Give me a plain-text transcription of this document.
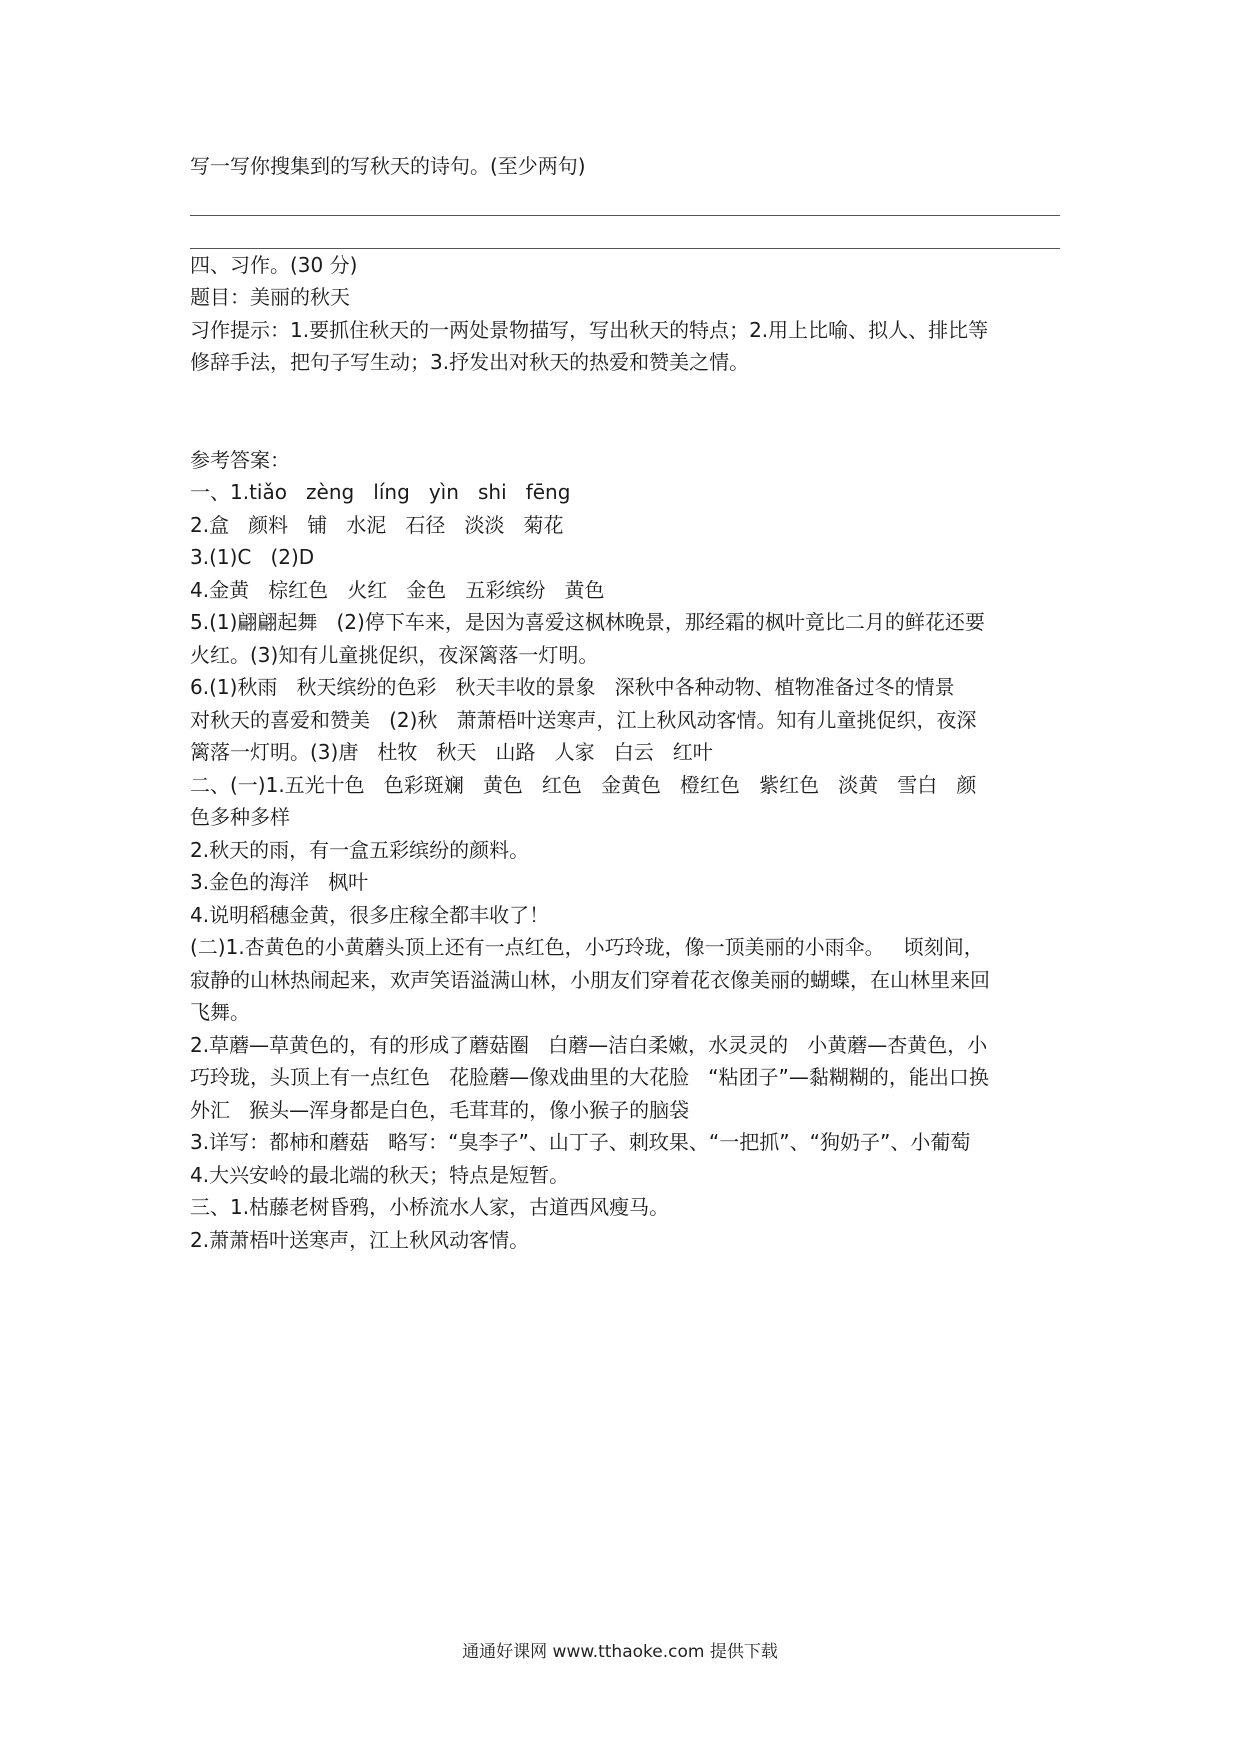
写一写你搜集到的写秋天的诗句。(至少两句)
四、习作。(30 分)
题目：美丽的秋天
习作提示：1.要抓住秋天的一两处景物描写，写出秋天的特点；2.用上比喻、拟人、排比等
修辞手法，把句子写生动；3.抒发出对秋天的热爱和赞美之情。
参考答案：
一、1.tiǎo   zèng   líng   yìn   shi   fēng
2.盒   颜料   铺   水泥   石径   淡淡   菊花
3.(1)C   (2)D
4.金黄   棕红色   火红   金色   五彩缤纷   黄色
5.(1)翩翩起舞   (2)停下车来，是因为喜爱这枫林晚景，那经霜的枫叶竟比二月的鲜花还要
火红。(3)知有儿童挑促织，夜深篱落一灯明。
6.(1)秋雨   秋天缤纷的色彩   秋天丰收的景象   深秋中各种动物、植物准备过冬的情景
对秋天的喜爱和赞美   (2)秋   萧萧梧叶送寒声，江上秋风动客情。知有儿童挑促织，夜深
篱落一灯明。(3)唐   杜牧   秋天   山路   人家   白云   红叶
二、(一)1.五光十色   色彩斑斓   黄色   红色   金黄色   橙红色   紫红色   淡黄   雪白   颜
色多种多样
2.秋天的雨，有一盒五彩缤纷的颜料。
3.金色的海洋   枫叶
4.说明稻穗金黄，很多庄稼全都丰收了！
(二)1.杏黄色的小黄蘑头顶上还有一点红色，小巧玲珑，像一顶美丽的小雨伞。   顷刻间，
寂静的山林热闹起来，欢声笑语溢满山林，小朋友们穿着花衣像美丽的蝴蝶，在山林里来回
飞舞。
2.草蘑—草黄色的，有的形成了蘑菇圈   白蘑—洁白柔嫩，水灵灵的   小黄蘑—杏黄色，小
巧玲珑，头顶上有一点红色   花脸蘑—像戏曲里的大花脸   “粘团子”—黏糊糊的，能出口换
外汇   猴头—浑身都是白色，毛茸茸的，像小猴子的脑袋
3.详写：都柿和蘑菇   略写：“臭李子”、山丁子、刺玫果、“一把抓”、“狗奶子”、小葡萄
4.大兴安岭的最北端的秋天；特点是短暂。
三、1.枯藤老树昏鸦，小桥流水人家，古道西风瘦马。
2.萧萧梧叶送寒声，江上秋风动客情。
通通好课网 www.tthaoke.com 提供下载
